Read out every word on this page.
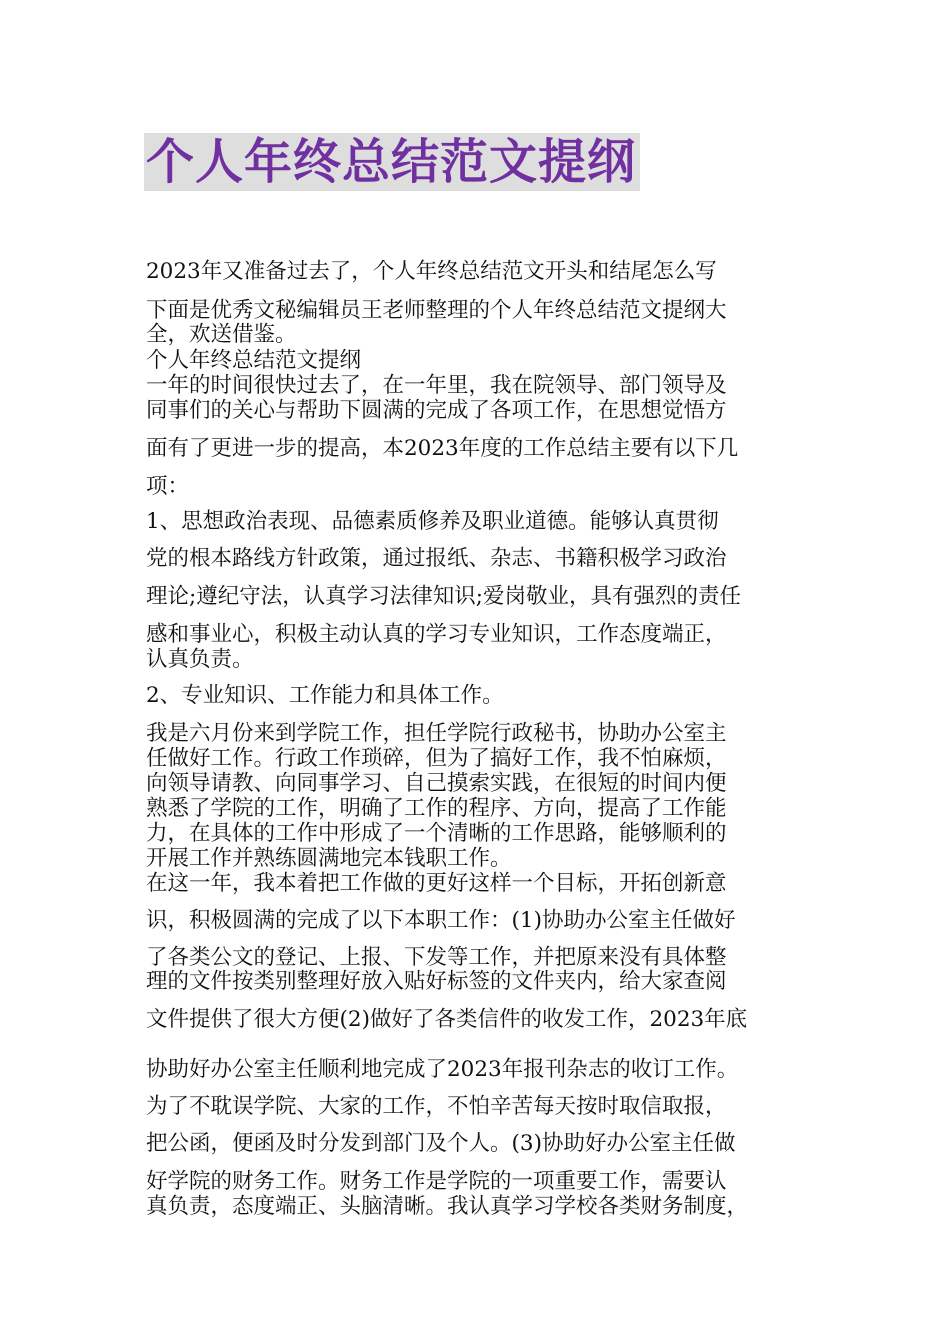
个人年终总结范文提纲

2023年又准备过去了，个人年终总结范文开头和结尾怎么写

下面是优秀文秘编辑员王老师整理的个人年终总结范文提纲大

全，欢送借鉴。

个人年终总结范文提纲

一年的时间很快过去了，在一年里，我在院领导、部门领导及

同事们的关心与帮助下圆满的完成了各项工作，在思想觉悟方

面有了更进一步的提高，本2023年度的工作总结主要有以下几

项：

1、思想政治表现、品德素质修养及职业道德。能够认真贯彻

党的根本路线方针政策，通过报纸、杂志、书籍积极学习政治

理论;遵纪守法，认真学习法律知识;爱岗敬业，具有强烈的责任

感和事业心，积极主动认真的学习专业知识，工作态度端正，

认真负责。

2、专业知识、工作能力和具体工作。

我是六月份来到学院工作，担任学院行政秘书，协助办公室主

任做好工作。行政工作琐碎，但为了搞好工作，我不怕麻烦，

向领导请教、向同事学习、自己摸索实践，在很短的时间内便

熟悉了学院的工作，明确了工作的程序、方向，提高了工作能

力，在具体的工作中形成了一个清晰的工作思路，能够顺利的

开展工作并熟练圆满地完本钱职工作。

在这一年，我本着把工作做的更好这样一个目标，开拓创新意

识，积极圆满的完成了以下本职工作：(1)协助办公室主任做好

了各类公文的登记、上报、下发等工作，并把原来没有具体整

理的文件按类别整理好放入贴好标签的文件夹内，给大家查阅

文件提供了很大方便(2)做好了各类信件的收发工作，2023年底

协助好办公室主任顺利地完成了2023年报刊杂志的收订工作。

为了不耽误学院、大家的工作，不怕辛苦每天按时取信取报，

把公函，便函及时分发到部门及个人。(3)协助好办公室主任做

好学院的财务工作。财务工作是学院的一项重要工作，需要认

真负责，态度端正、头脑清晰。我认真学习学校各类财务制度，
